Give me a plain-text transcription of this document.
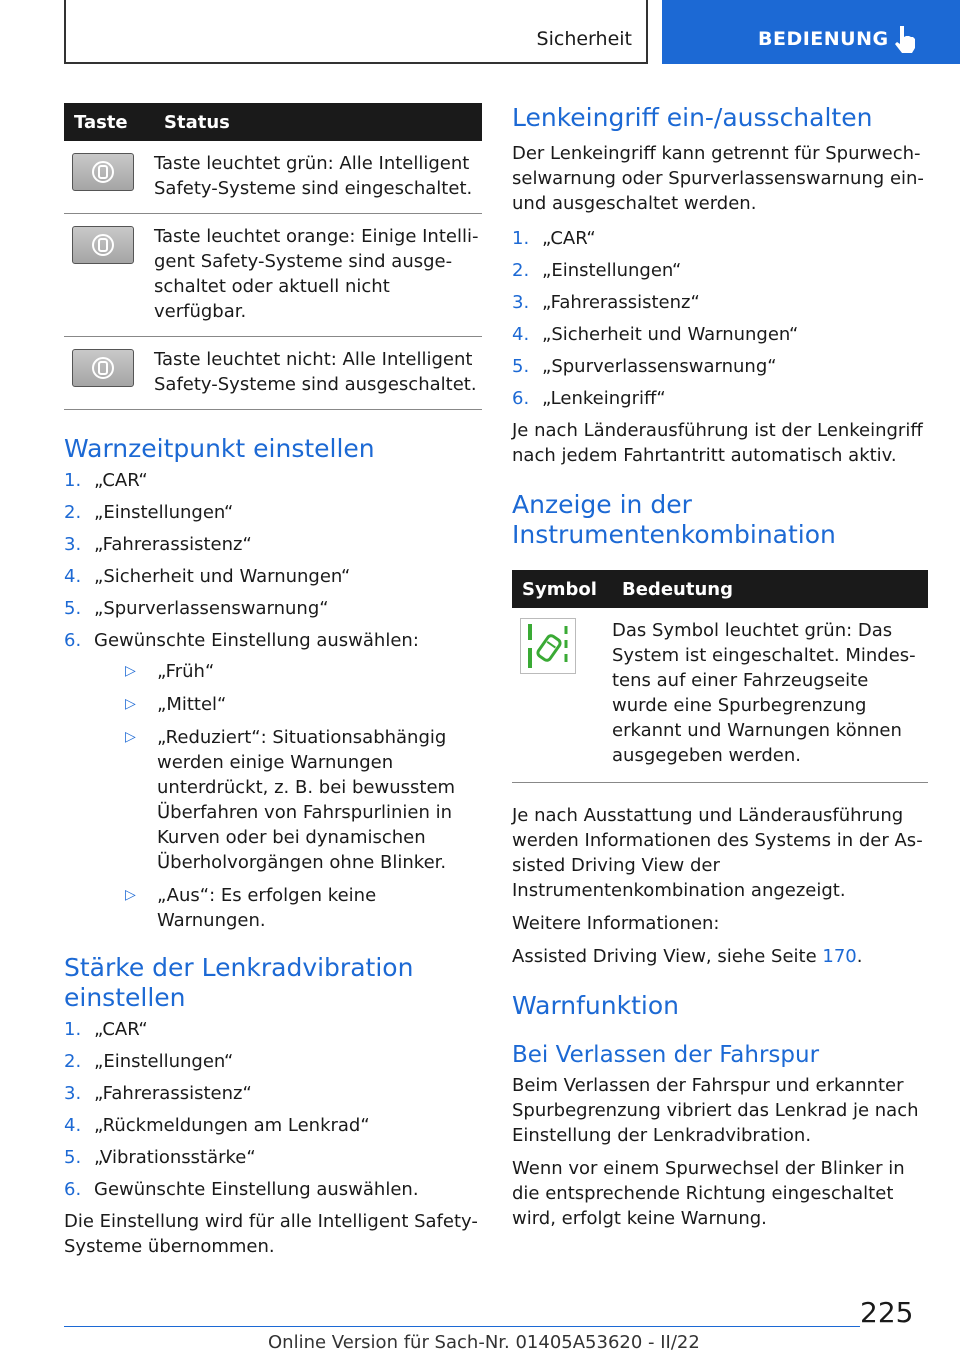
Sicherheit	BEDIENUNG
Taste	Status

	Taste leuchtet grün: Alle Intelligent Safety-Systeme sind eingeschaltet.

	Taste leuchtet orange: Einige Intelligent Safety-Systeme sind ausgeschaltet oder aktuell nicht verfügbar.

	Taste leuchtet nicht: Alle Intelligent Safety-Systeme sind ausgeschaltet.
Warnzeitpunkt einstellen
1. „CAR“
2. „Einstellungen“
3. „Fahrerassistenz“
4. „Sicherheit und Warnungen“
5. „Spurverlassenswarnung“
6. Gewünschte Einstellung auswählen:
▷ „Früh“
▷ „Mittel“
▷ „Reduziert“: Situationsabhängig werden einige Warnungen unterdrückt, z. B. bei bewusstem Überfahren von Fahrspurlinien in Kurven oder bei dynamischen Überholvorgängen ohne Blinker.
▷ „Aus“: Es erfolgen keine Warnungen.
Stärke der Lenkradvibration einstellen
1. „CAR“
2. „Einstellungen“
3. „Fahrerassistenz“
4. „Rückmeldungen am Lenkrad“
5. „Vibrationsstärke“
6. Gewünschte Einstellung auswählen.

Die Einstellung wird für alle Intelligent Safety-Systeme übernommen.

Lenkeingriff ein-/ausschalten

Der Lenkeingriff kann getrennt für Spurwechselwarnung oder Spurverlassenswarnung ein- und ausgeschaltet werden.

1. „CAR“
2. „Einstellungen“
3. „Fahrerassistenz“
4. „Sicherheit und Warnungen“
5. „Spurverlassenswarnung“
6. „Lenkeingriff“

Je nach Länderausführung ist der Lenkeingriff nach jedem Fahrtantritt automatisch aktiv.

Anzeige in der Instrumentenkombination
Symbol	Bedeutung
	Das Symbol leuchtet grün: Das System ist eingeschaltet. Mindestens auf einer Fahrzeugseite wurde eine Spurbegrenzung erkannt und Warnungen können ausgegeben werden.

Je nach Ausstattung und Länderausführung werden Informationen des Systems in der Assisted Driving View der Instrumentenkombination angezeigt.

Weitere Informationen:

Assisted Driving View, siehe Seite 170.

Warnfunktion
Bei Verlassen der Fahrspur

Beim Verlassen der Fahrspur und erkannter Spurbegrenzung vibriert das Lenkrad je nach Einstellung der Lenkradvibration.

Wenn vor einem Spurwechsel der Blinker in die entsprechende Richtung eingeschaltet wird, erfolgt keine Warnung.

225
Online Version für Sach-Nr. 01405A53620 - II/22
